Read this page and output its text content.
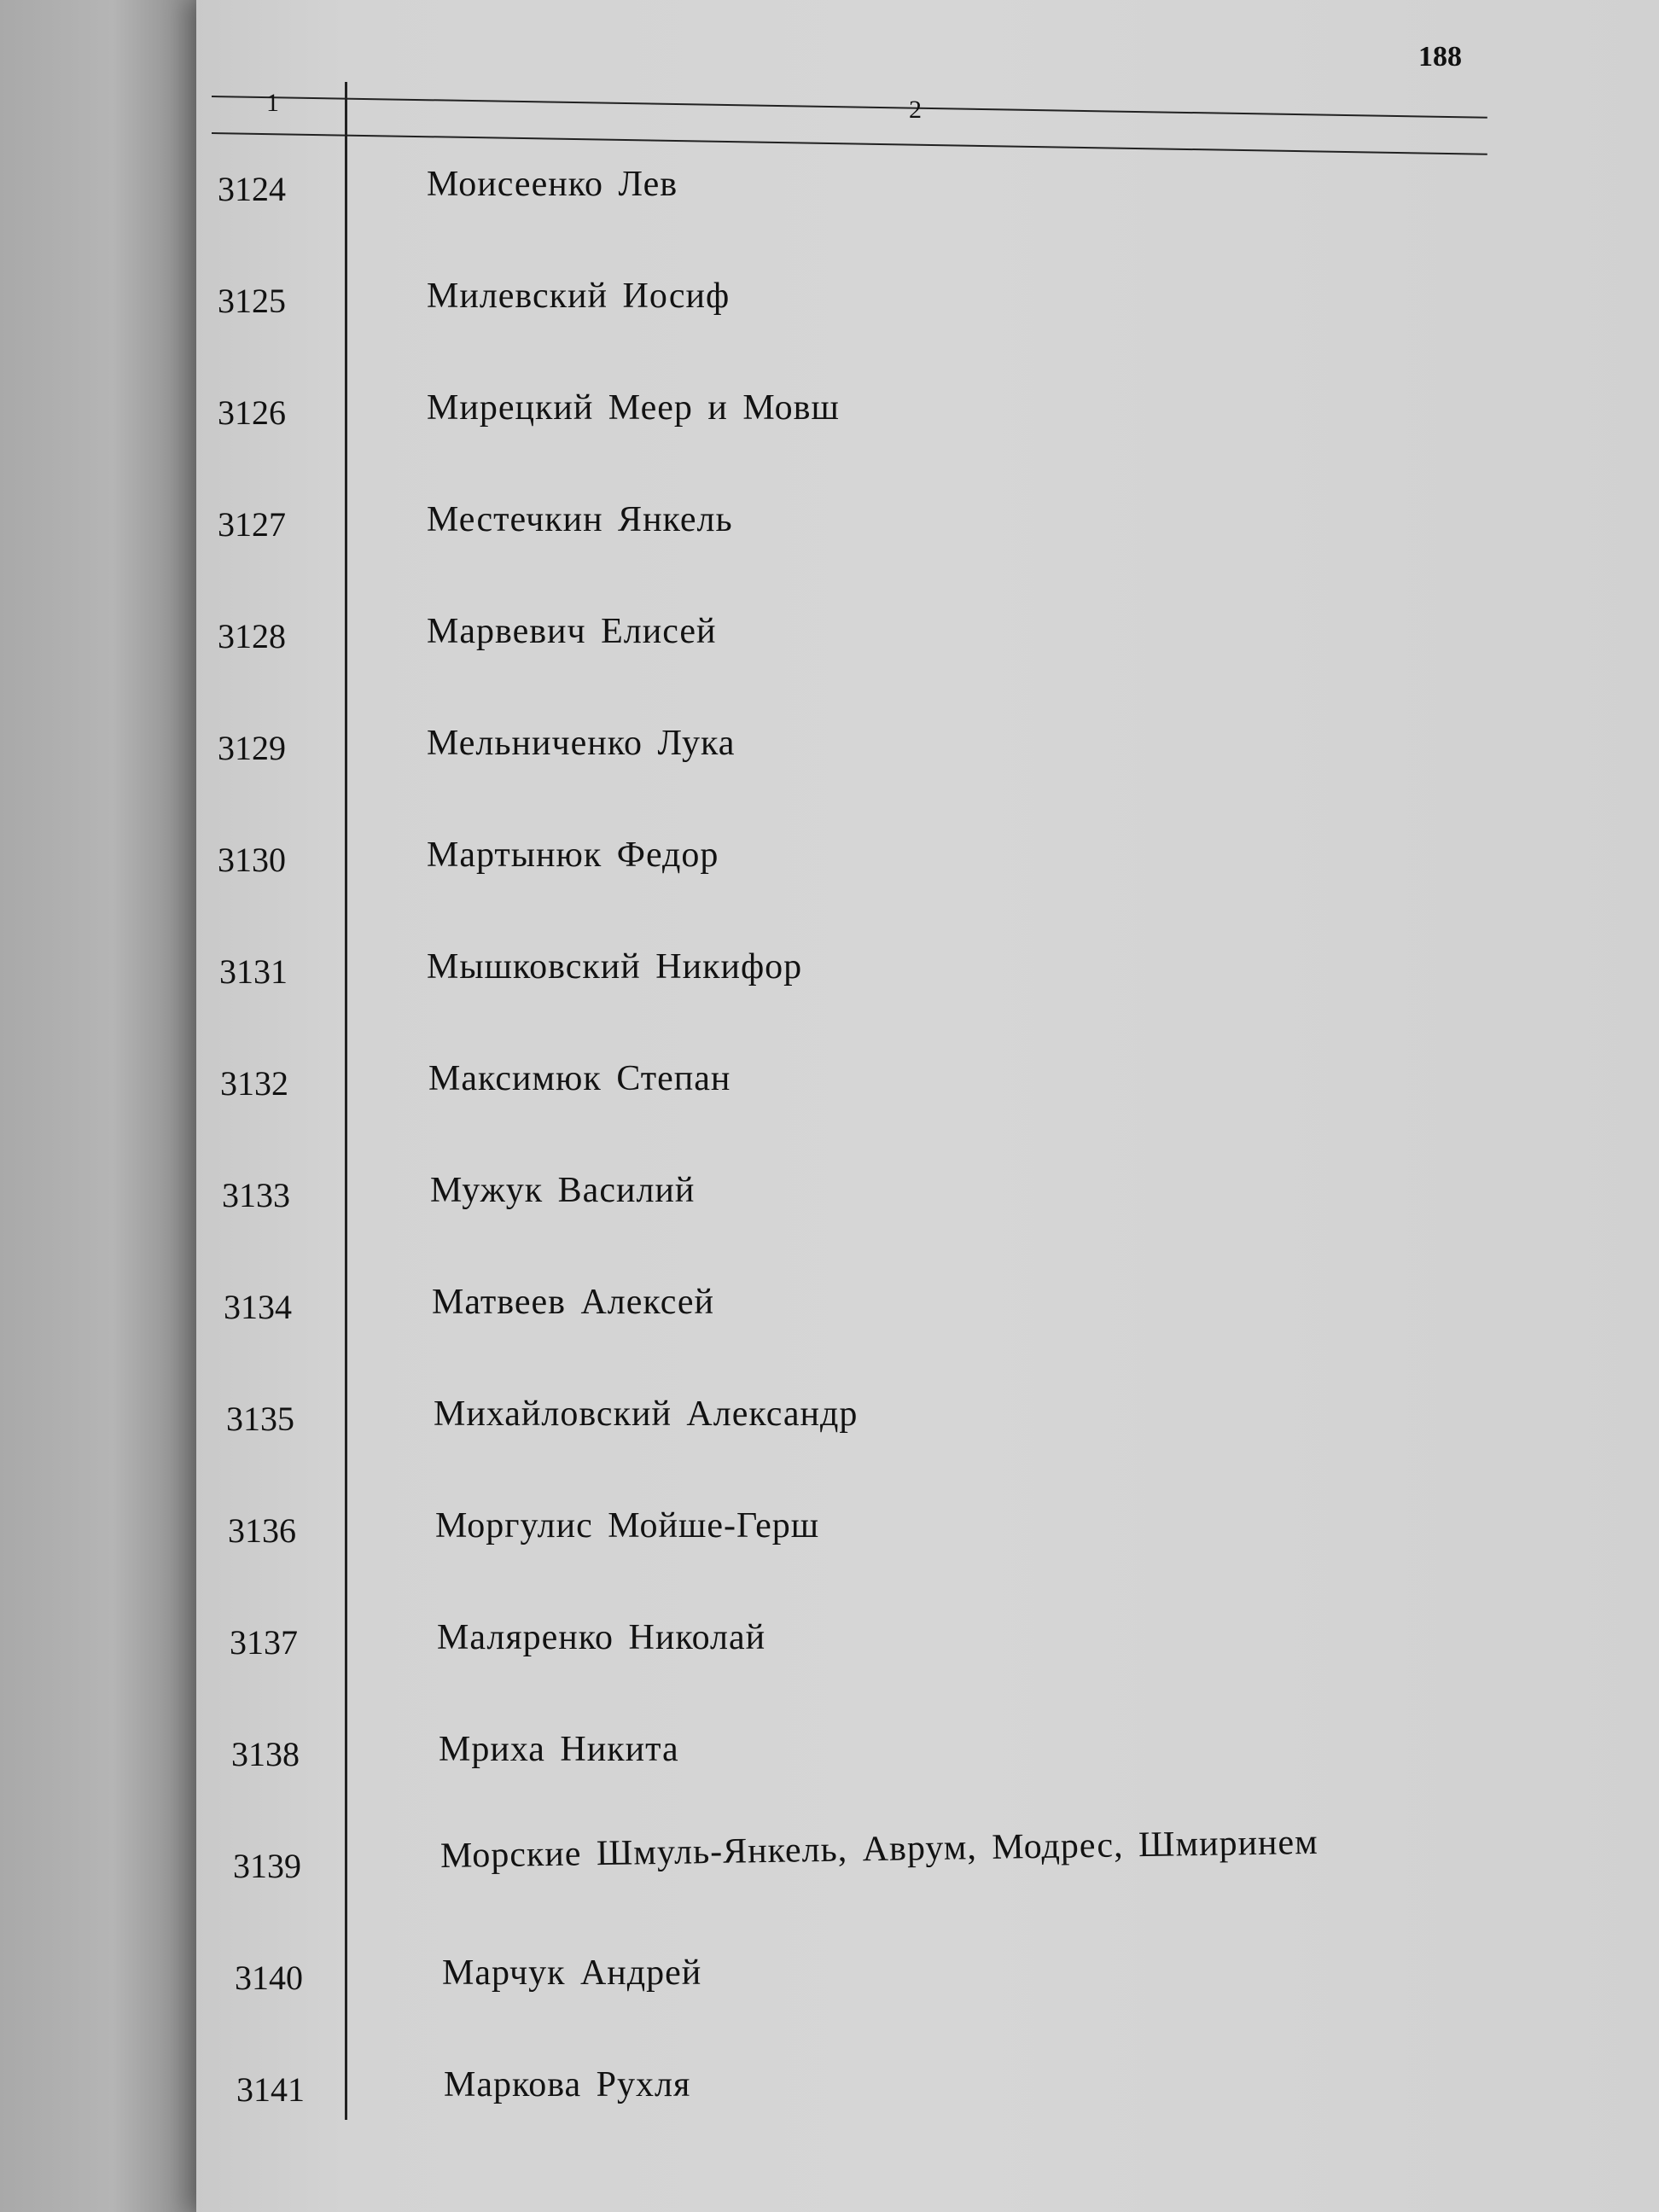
188
1	2
3124	Моисеенко Лев
3125	Милевский Иосиф
3126	Мирецкий Меер и Мовш
3127	Местечкин Янкель
3128	Марвевич Елисей
3129	Мельниченко Лука
3130	Мартынюк Федор
3131	Мышковский Никифор
3132	Максимюк Степан
3133	Мужук Василий
3134	Матвеев Алексей
3135	Михайловский Александр
3136	Моргулис Мойше-Герш
3137	Маляренко Николай
3138	Мриха Никита
3139	Морские Шмуль-Янкель, Аврум, Модрес, Шмиринем
3140	Марчук Андрей
3141	Маркова Рухля
